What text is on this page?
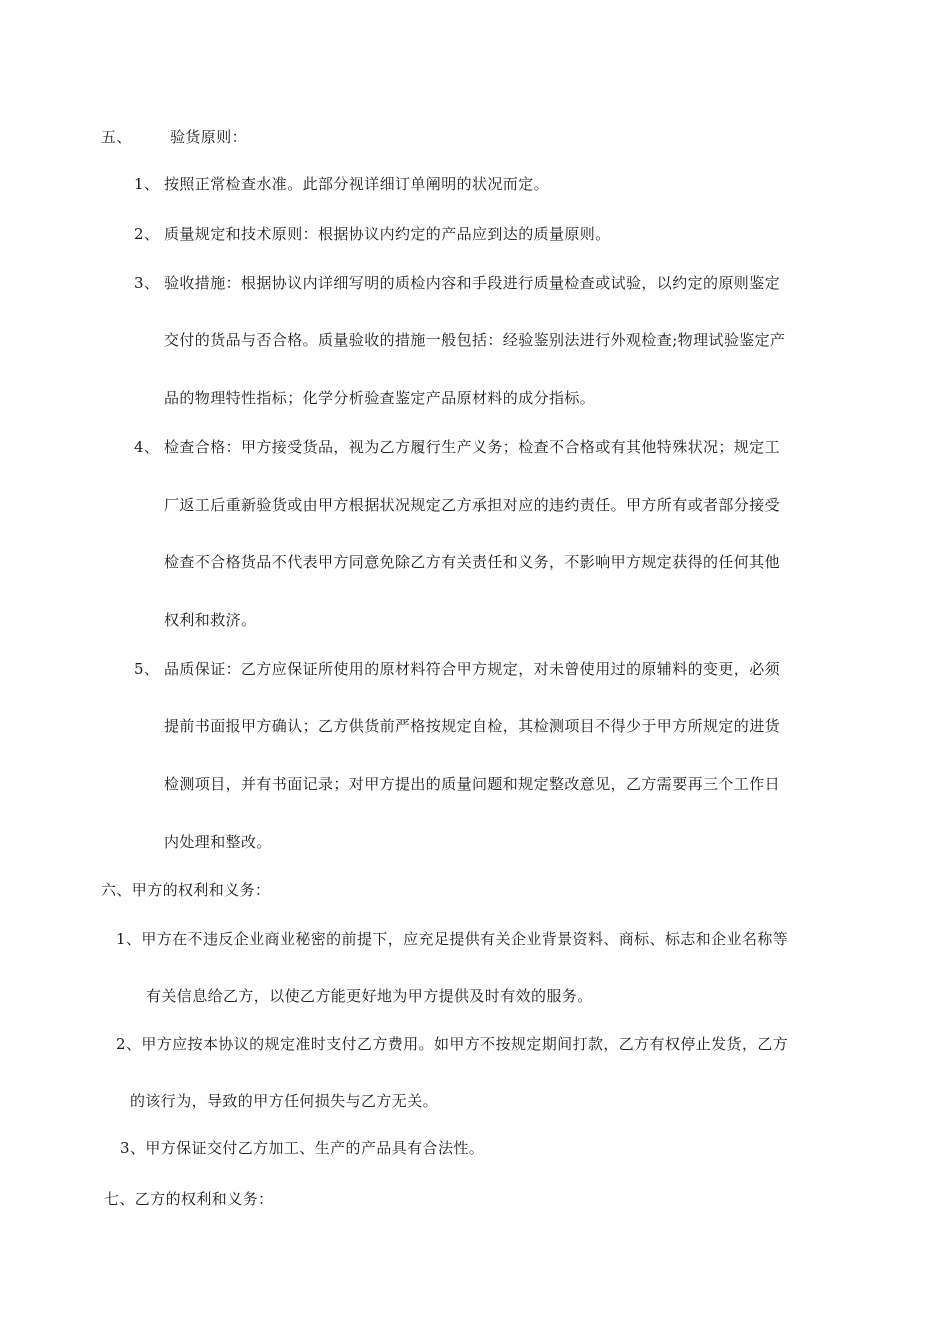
五、	验货原则：
1、 按照正常检查水准。此部分视详细订单阐明的状况而定。
2、 质量规定和技术原则：根据协议内约定的产品应到达的质量原则。
3、 验收措施：根据协议内详细写明的质检内容和手段进行质量检查或试验，以约定的原则鉴定
交付的货品与否合格。质量验收的措施一般包括：经验鉴别法进行外观检查;物理试验鉴定产
品的物理特性指标；化学分析验查鉴定产品原材料的成分指标。
4、 检查合格：甲方接受货品，视为乙方履行生产义务；检查不合格或有其他特殊状况；规定工
厂返工后重新验货或由甲方根据状况规定乙方承担对应的违约责任。甲方所有或者部分接受
检查不合格货品不代表甲方同意免除乙方有关责任和义务，不影响甲方规定获得的任何其他
权利和救济。
5、 品质保证：乙方应保证所使用的原材料符合甲方规定，对未曾使用过的原辅料的变更，必须
提前书面报甲方确认；乙方供货前严格按规定自检，其检测项目不得少于甲方所规定的进货
检测项目，并有书面记录；对甲方提出的质量问题和规定整改意见，乙方需要再三个工作日
内处理和整改。
六、甲方的权利和义务：
1、甲方在不违反企业商业秘密的前提下，应充足提供有关企业背景资料、商标、标志和企业名称等
有关信息给乙方，以使乙方能更好地为甲方提供及时有效的服务。
2、甲方应按本协议的规定准时支付乙方费用。如甲方不按规定期间打款，乙方有权停止发货，乙方
的该行为，导致的甲方任何损失与乙方无关。
3、甲方保证交付乙方加工、生产的产品具有合法性。
七、乙方的权利和义务：
